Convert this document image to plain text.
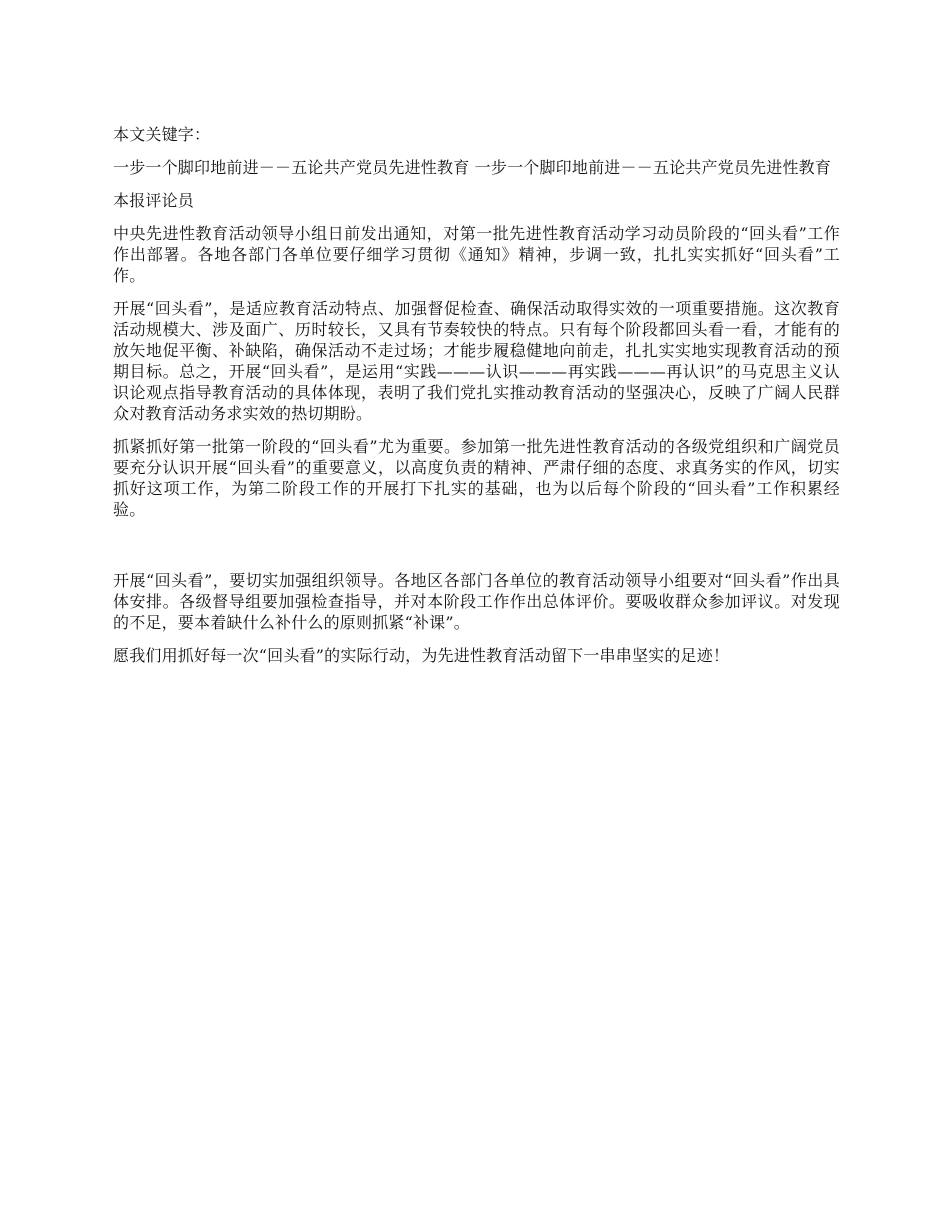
本文关键字：

一步一个脚印地前进－－五论共产党员先进性教育 一步一个脚印地前进－－五论共产党员先进性教育

本报评论员

中央先进性教育活动领导小组日前发出通知，对第一批先进性教育活动学习动员阶段的“回头看”工作作出部署。各地各部门各单位要仔细学习贯彻《通知》精神，步调一致，扎扎实实抓好“回头看”工作。

开展“回头看”，是适应教育活动特点、加强督促检查、确保活动取得实效的一项重要措施。这次教育活动规模大、涉及面广、历时较长，又具有节奏较快的特点。只有每个阶段都回头看一看，才能有的放矢地促平衡、补缺陷，确保活动不走过场；才能步履稳健地向前走，扎扎实实地实现教育活动的预期目标。总之，开展“回头看”，是运用“实践———认识———再实践———再认识”的马克思主义认识论观点指导教育活动的具体体现，表明了我们党扎实推动教育活动的坚强决心，反映了广阔人民群众对教育活动务求实效的热切期盼。

抓紧抓好第一批第一阶段的“回头看”尤为重要。参加第一批先进性教育活动的各级党组织和广阔党员要充分认识开展“回头看”的重要意义，以高度负责的精神、严肃仔细的态度、求真务实的作风，切实抓好这项工作，为第二阶段工作的开展打下扎实的基础，也为以后每个阶段的“回头看”工作积累经验。

开展“回头看”，要切实加强组织领导。各地区各部门各单位的教育活动领导小组要对“回头看”作出具体安排。各级督导组要加强检查指导，并对本阶段工作作出总体评价。要吸收群众参加评议。对发现的不足，要本着缺什么补什么的原则抓紧“补课”。

愿我们用抓好每一次“回头看”的实际行动，为先进性教育活动留下一串串坚实的足迹！
